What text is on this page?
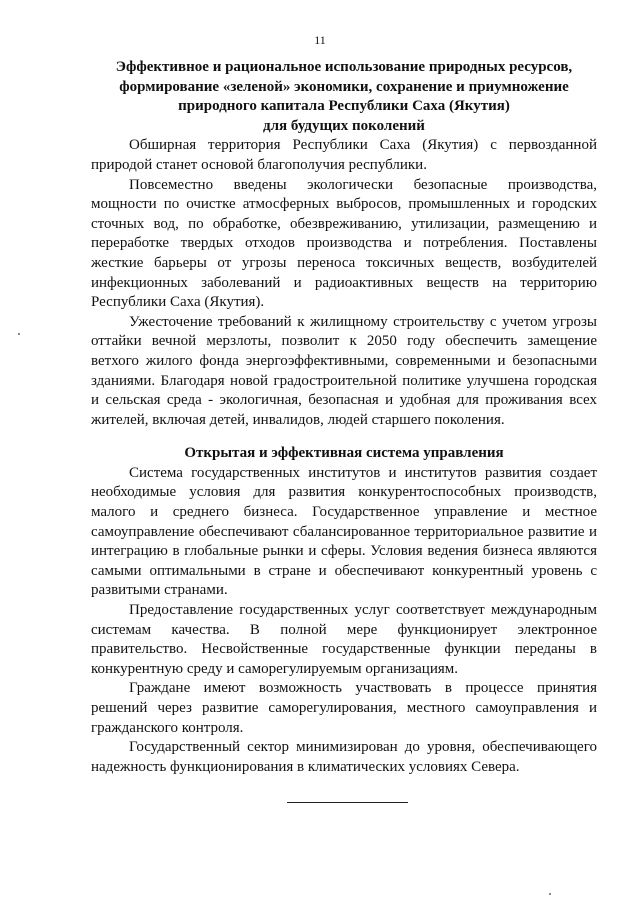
11
Эффективное и рациональное использование природных ресурсов,
формирование «зеленой» экономики, сохранение и приумножение
природного капитала Республики Саха (Якутия)
для будущих поколений

Обширная территория Республики Саха (Якутия) с первозданной природой станет основой благополучия республики.

Повсеместно введены экологически безопасные производства, мощности по очистке атмосферных выбросов, промышленных и городских сточных вод, по обработке, обезвреживанию, утилизации, размещению и переработке твердых отходов производства и потребления. Поставлены жесткие барьеры от угрозы переноса токсичных веществ, возбудителей инфекционных заболеваний и радиоактивных веществ на территорию Республики Саха (Якутия).

Ужесточение требований к жилищному строительству с учетом угрозы оттайки вечной мерзлоты, позволит к 2050 году обеспечить замещение ветхого жилого фонда энергоэффективными, современными и безопасными зданиями. Благодаря новой градостроительной политике улучшена городская и сельская среда - экологичная, безопасная и удобная для проживания всех жителей, включая детей, инвалидов, людей старшего поколения.

Открытая и эффективная система управления

Система государственных институтов и институтов развития создает необходимые условия для развития конкурентоспособных производств, малого и среднего бизнеса. Государственное управление и местное самоуправление обеспечивают сбалансированное территориальное развитие и интеграцию в глобальные рынки и сферы. Условия ведения бизнеса являются самыми оптимальными в стране и обеспечивают конкурентный уровень с развитыми странами.

Предоставление государственных услуг соответствует международным системам качества. В полной мере функционирует электронное правительство. Несвойственные государственные функции переданы в конкурентную среду и саморегулируемым организациям.

Граждане имеют возможность участвовать в процессе принятия решений через развитие саморегулирования, местного самоуправления и гражданского контроля.

Государственный сектор минимизирован до уровня, обеспечивающего надежность функционирования в климатических условиях Севера.
